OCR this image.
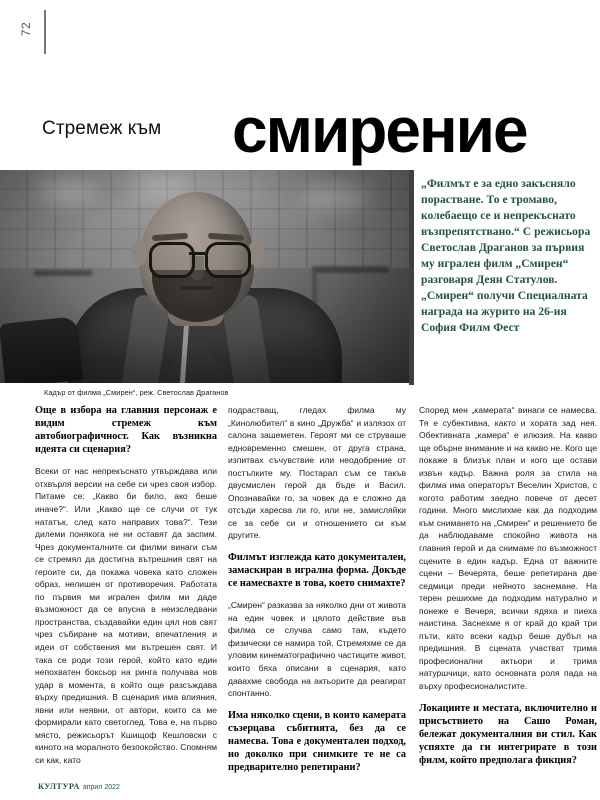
72
Стремеж към смирение
Кадър от филма „Смирен“, реж. Светослав Драганов
„Филмът е за едно закъсняло порастване. То е тромаво, колебаещо се и непрекъснато възпрепятствано.“ С режисьора Светослав Драганов за първия му игрален филм „Смирен“ разговаря Деян Статулов. „Смирен“ получи Специалната награда на журито на 26-ия София Филм Фест

Още в избора на главния персонаж е видим стремеж към автобиографичност. Как възникна идеята си сценария?

Всеки от нас непрекъснато утвърждава или отхвърля версии на себе си чрез своя избор. Питаме се: „Какво би било, ако беше иначе?“. Или „Какво ще се случи от тук нататък, след като направих това?“. Тези дилеми понякога не ни оставят да заспим. Чрез документалните си филми винаги съм се стремял да достигна вътрешния свят на героите си, да покажа човека като сложен образ, нелишен от противоречия. Работата по първия ми игрален филм ми даде възможност да се впусна в неизследвани пространства, създавайки един цял нов свят чрез събиране на мотиви, впечатления и идеи от собствения ми вътрешен свят. И така се роди този герой, който като един непохватен боксьор на ринга получава нов удар в момента, в който още разсъждава върху предишния. В сценария има влияния, явни или неявни, от автори, които са ме формирали като светоглед. Това е, на първо място, режисьорът Кшищоф Кешловски с киното на моралното безпокойство. Спомням си как, като

подрастващ, гледах филма му „Кинолюбител“ в кино „Дружба“ и излязох от салона зашеметен. Героят ми се струваше едновременно смешен, от друга страна, изпитвах съчувствие или неодобрение от постъпките му. Постарал съм се такъв двусмислен герой да бъде и Васил. Опознавайки го, за човек да е сложно да отсъди харесва ли го, или не, замисляйки се за себе си и отношението си към другите.

Филмът изглежда като документален, замаскиран в игрална форма. Докъде се намесвахте в това, което снимахте?

„Смирен“ разказва за няколко дни от живота на един човек и цялото действие във филма се случва само там, където физически се намира той. Стремяхме се да уловим кинематографично частиците живот, които бяха описани в сценария, като давахме свобода на актьорите да реагират спонтанно.

Има няколко сцени, в които камерата съзерцава събитията, без да се намесва. Това е документален подход, но доколко при снимките те не са предварително репетирани?

Според мен „камерата“ винаги се намесва. Тя е субективна, както и хората зад нея. Обективната „камера“ е илюзия. На какво ще обърне внимание и на какво не. Кого ще покаже в близък план и кого ще остави извън кадър. Важна роля за стила на филма има операторът Веселин Христов, с когото работим заедно повече от десет години. Много мислихме как да подходим към снимането на „Смирен“ и решението бе да наблюдаваме спокойно живота на главния герой и да снимаме по възможност сцените в един кадър. Една от важните сцени – Вечерята, беше репетирана две седмици преди нейното заснемане. На терен решихме да подходим натурално и понеже е Вечеря, всички ядяха и пиеха наистина. Заснехме я от край до край три пъти, като всеки кадър беше дубъл на предишния. В сцената участват трима професионални актьори и трима натуршчици, като основната роля пада на върху професионалистите.

Локациите и местата, включително и присъствието на Сашо Роман, бележат документалния ви стил. Как успяхте да ги интегрирате в този филм, който предполага фикция?

КУЛТУРА април 2022
